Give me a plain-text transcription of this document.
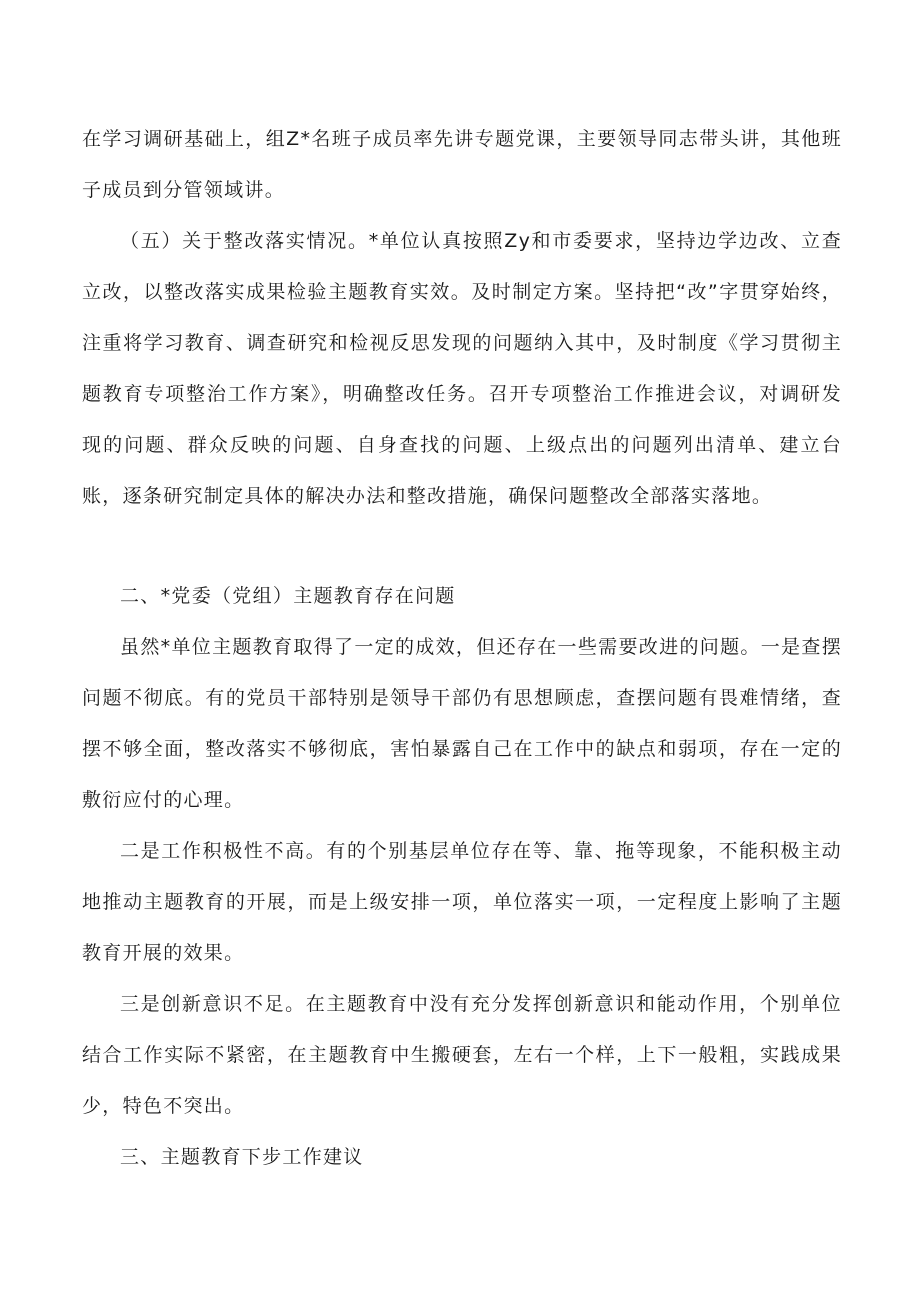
在学习调研基础上，组Z*名班子成员率先讲专题党课，主要领导同志带头讲，其他班子成员到分管领域讲。

（五）关于整改落实情况。*单位认真按照Zy和市委要求，坚持边学边改、立查立改，以整改落实成果检验主题教育实效。及时制定方案。坚持把“改”字贯穿始终，注重将学习教育、调查研究和检视反思发现的问题纳入其中，及时制度《学习贯彻主题教育专项整治工作方案》，明确整改任务。召开专项整治工作推进会议，对调研发现的问题、群众反映的问题、自身查找的问题、上级点出的问题列出清单、建立台账，逐条研究制定具体的解决办法和整改措施，确保问题整改全部落实落地。

二、*党委（党组）主题教育存在问题

虽然*单位主题教育取得了一定的成效，但还存在一些需要改进的问题。一是查摆问题不彻底。有的党员干部特别是领导干部仍有思想顾虑，查摆问题有畏难情绪，查摆不够全面，整改落实不够彻底，害怕暴露自己在工作中的缺点和弱项，存在一定的敷衍应付的心理。

二是工作积极性不高。有的个别基层单位存在等、靠、拖等现象，不能积极主动地推动主题教育的开展，而是上级安排一项，单位落实一项，一定程度上影响了主题教育开展的效果。

三是创新意识不足。在主题教育中没有充分发挥创新意识和能动作用，个别单位结合工作实际不紧密，在主题教育中生搬硬套，左右一个样，上下一般粗，实践成果少，特色不突出。

三、主题教育下步工作建议
